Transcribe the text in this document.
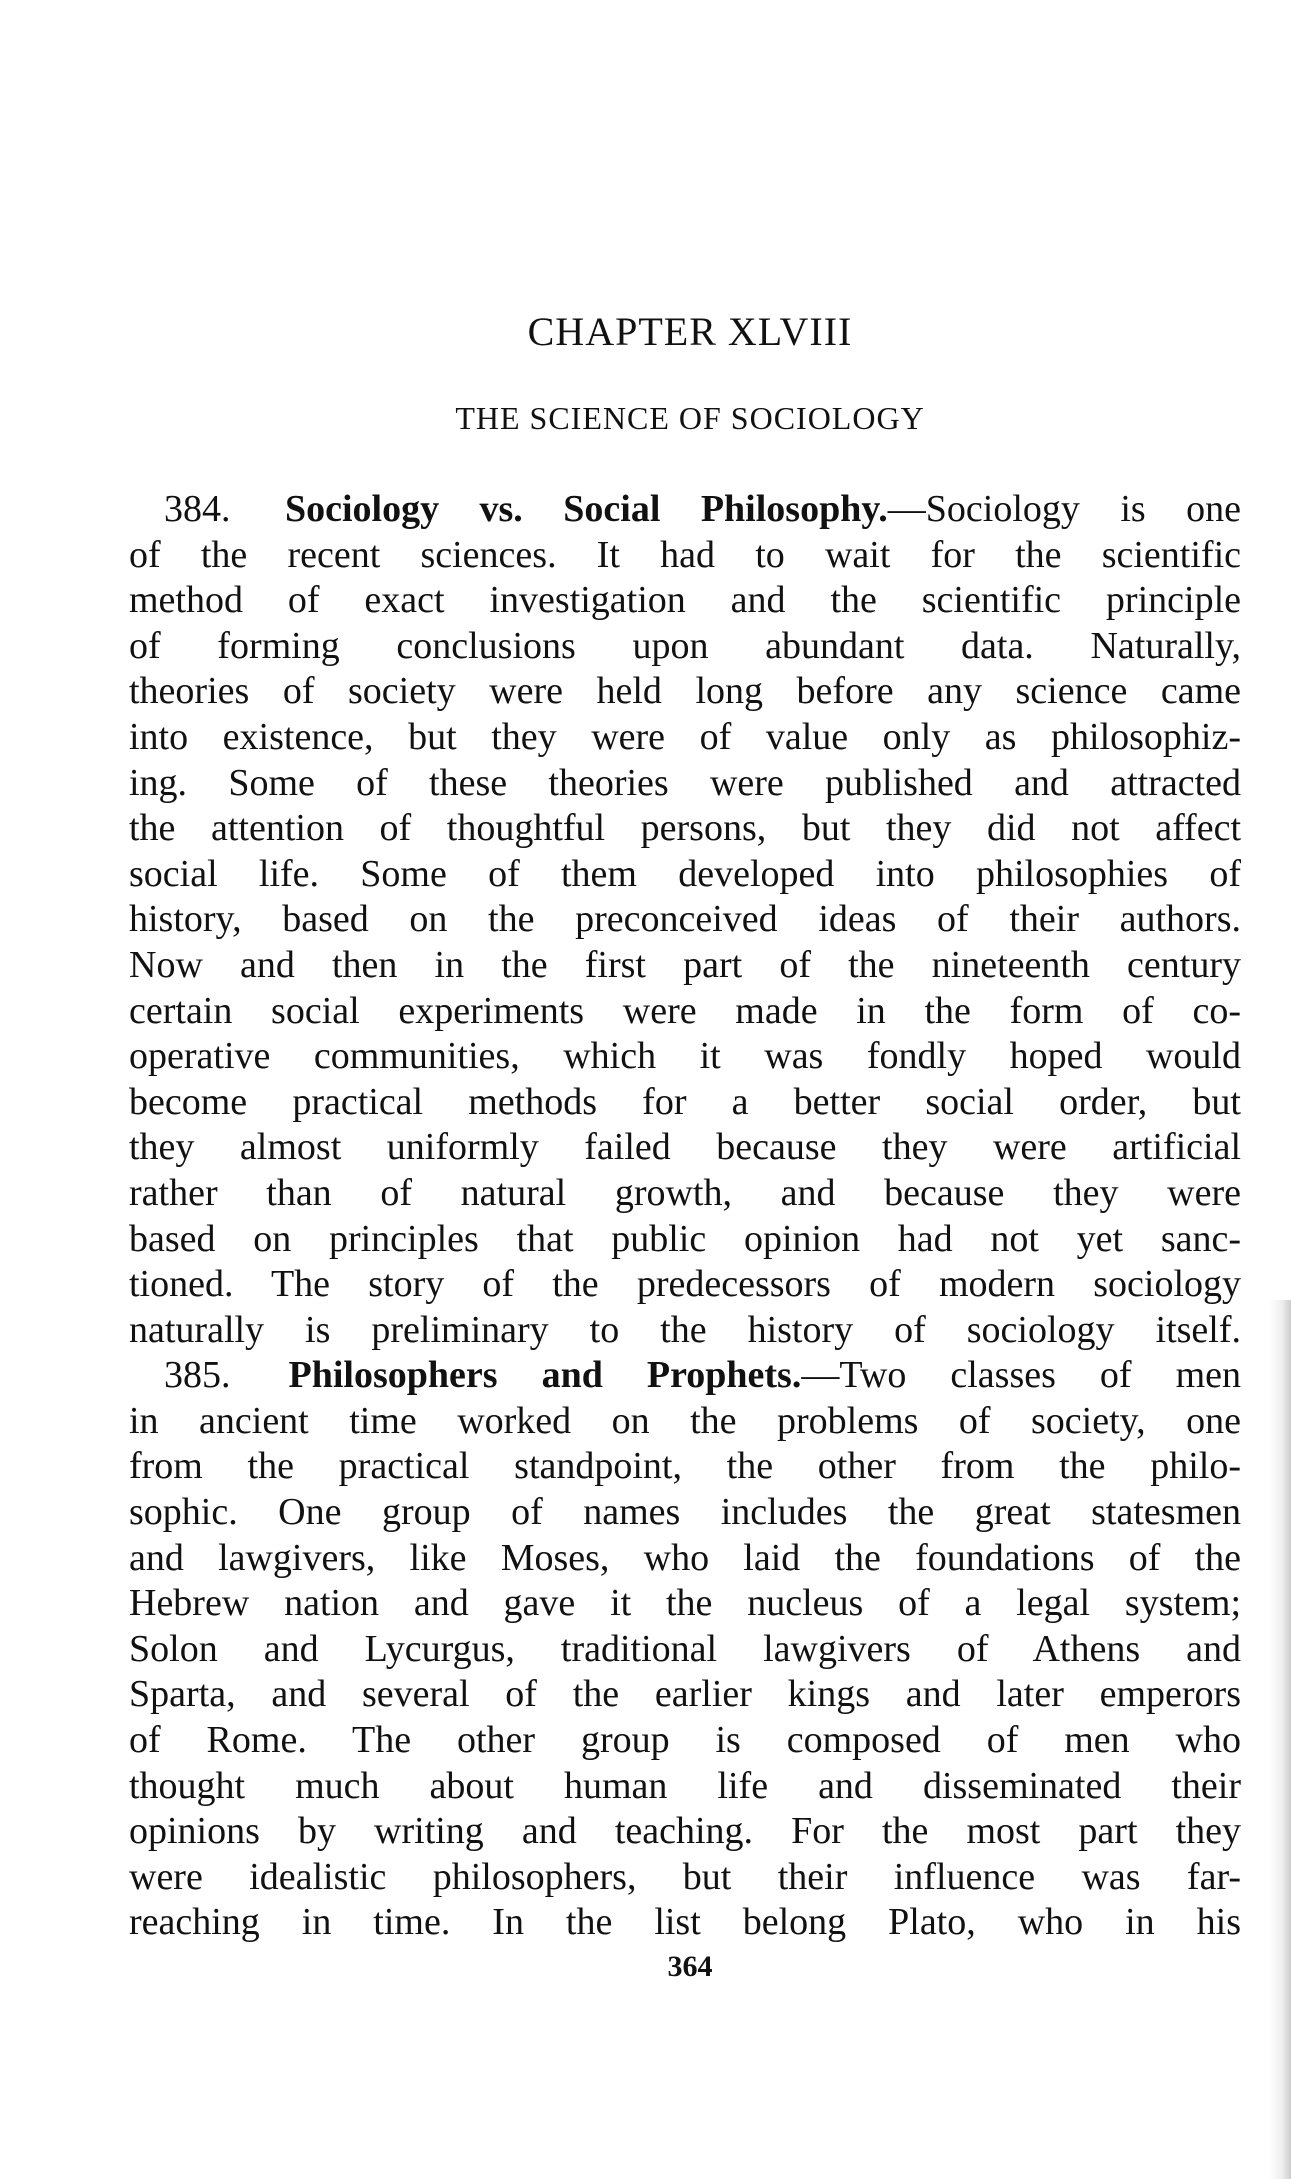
CHAPTER XLVIII
THE SCIENCE OF SOCIOLOGY
384. Sociology vs. Social Philosophy.—Sociology is one
of the recent sciences. It had to wait for the scientific
method of exact investigation and the scientific principle
of forming conclusions upon abundant data. Naturally,
theories of society were held long before any science came
into existence, but they were of value only as philosophiz-
ing. Some of these theories were published and attracted
the attention of thoughtful persons, but they did not affect
social life. Some of them developed into philosophies of
history, based on the preconceived ideas of their authors.
Now and then in the first part of the nineteenth century
certain social experiments were made in the form of co-
operative communities, which it was fondly hoped would
become practical methods for a better social order, but
they almost uniformly failed because they were artificial
rather than of natural growth, and because they were
based on principles that public opinion had not yet sanc-
tioned. The story of the predecessors of modern sociology
naturally is preliminary to the history of sociology itself.
385. Philosophers and Prophets.—Two classes of men
in ancient time worked on the problems of society, one
from the practical standpoint, the other from the philo-
sophic. One group of names includes the great statesmen
and lawgivers, like Moses, who laid the foundations of the
Hebrew nation and gave it the nucleus of a legal system;
Solon and Lycurgus, traditional lawgivers of Athens and
Sparta, and several of the earlier kings and later emperors
of Rome. The other group is composed of men who
thought much about human life and disseminated their
opinions by writing and teaching. For the most part they
were idealistic philosophers, but their influence was far-
reaching in time. In the list belong Plato, who in his
364
